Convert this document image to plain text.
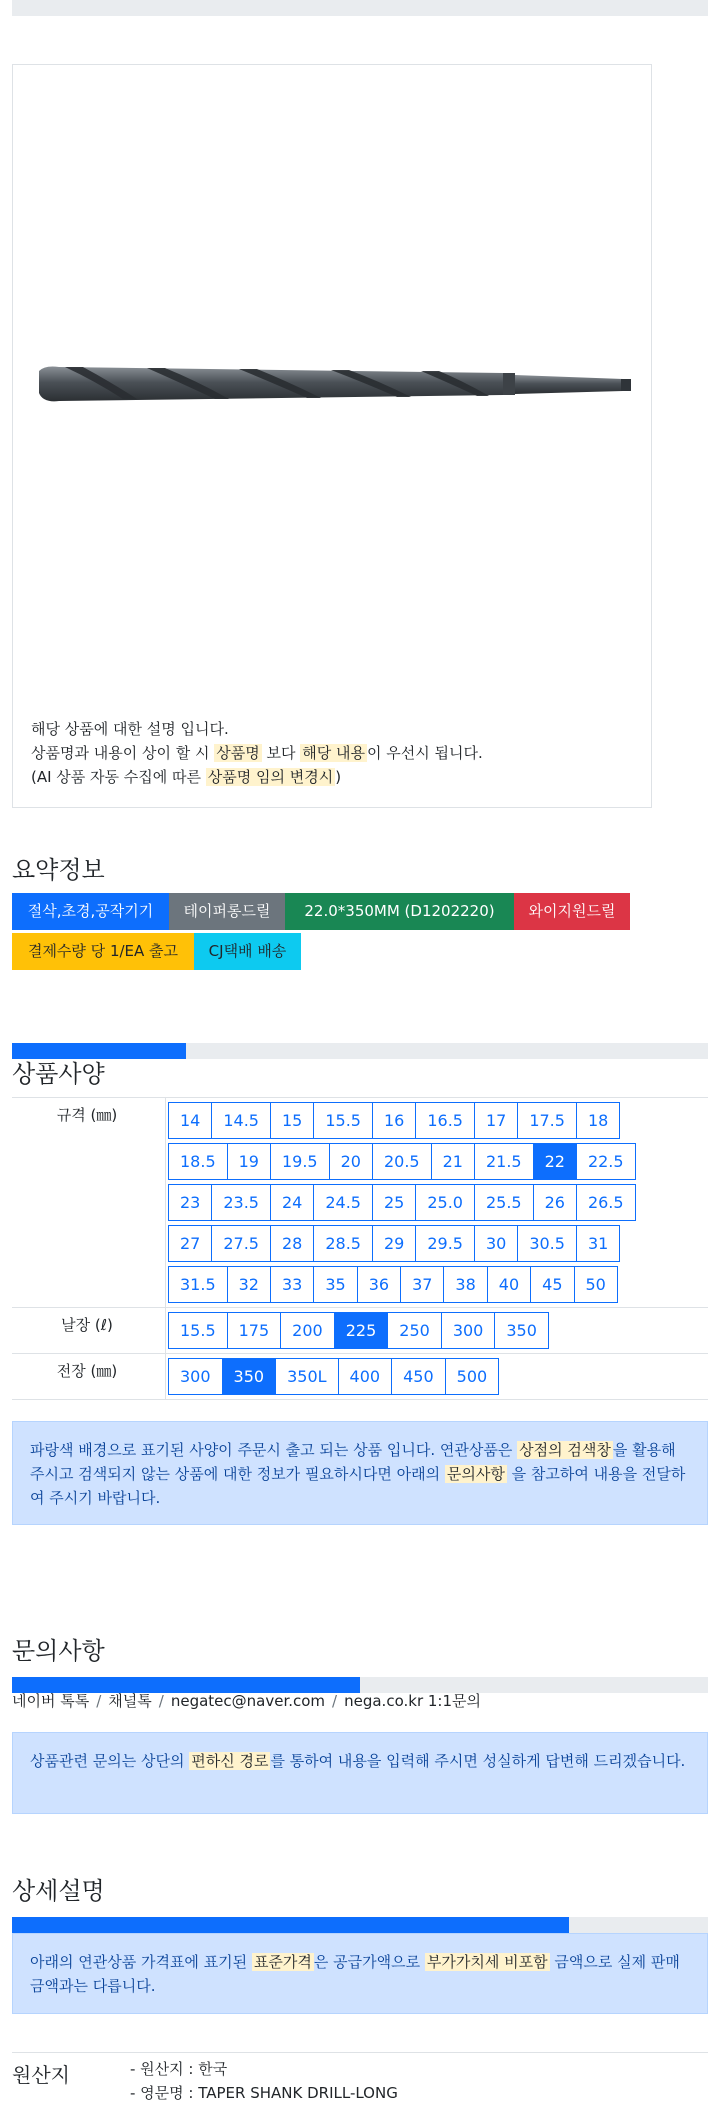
해당 상품에 대한 설명 입니다.
상품명과 내용이 상이 할 시 상품명 보다 해당 내용 이 우선시 됩니다.
(AI 상품 자동 수집에 따른 상품명 임의 변경시 )
요약정보
절삭,초경,공작기기	테이퍼롱드릴	22.0*350MM (D1202220)	와이지원드릴
결제수량 당 1/EA 출고	CJ택배 배송
상품사양
규격 (㎜)	14	14.5	15	15.5	16	16.5	17	17.5	18
18.5	19	19.5	20	20.5	21	21.5	22	22.5
23	23.5	24	24.5	25	25.0	25.5	26	26.5
27	27.5	28	28.5	29	29.5	30	30.5	31
31.5	32	33	35	36	37	38	40	45	50
날장 (ℓ)	15.5	175	200	225	250	300	350
전장 (㎜)	300	350	350L	400	450	500
파랑색 배경으로 표기된 사양이 주문시 출고 되는 상품 입니다. 연관상품은 상점의 검색창 을 활용해 주시고 검색되지 않는 상품에 대한 정보가 필요하시다면 아래의 문의사항 을 참고하여 내용을 전달하여 주시기 바랍니다.
문의사항
네이버 톡톡 / 채널톡 / negatec@naver.com / nega.co.kr 1:1문의
상품관련 문의는 상단의 편하신 경로 를 통하여 내용을 입력해 주시면 성실하게 답변해 드리겠습니다.
상세설명
아래의 연관상품 가격표에 표기된 표준가격 은 공급가액으로 부가가치세 비포함 금액으로 실제 판매금액과는 다릅니다.
원산지	- 원산지 : 한국
- 영문명 : TAPER SHANK DRILL-LONG
